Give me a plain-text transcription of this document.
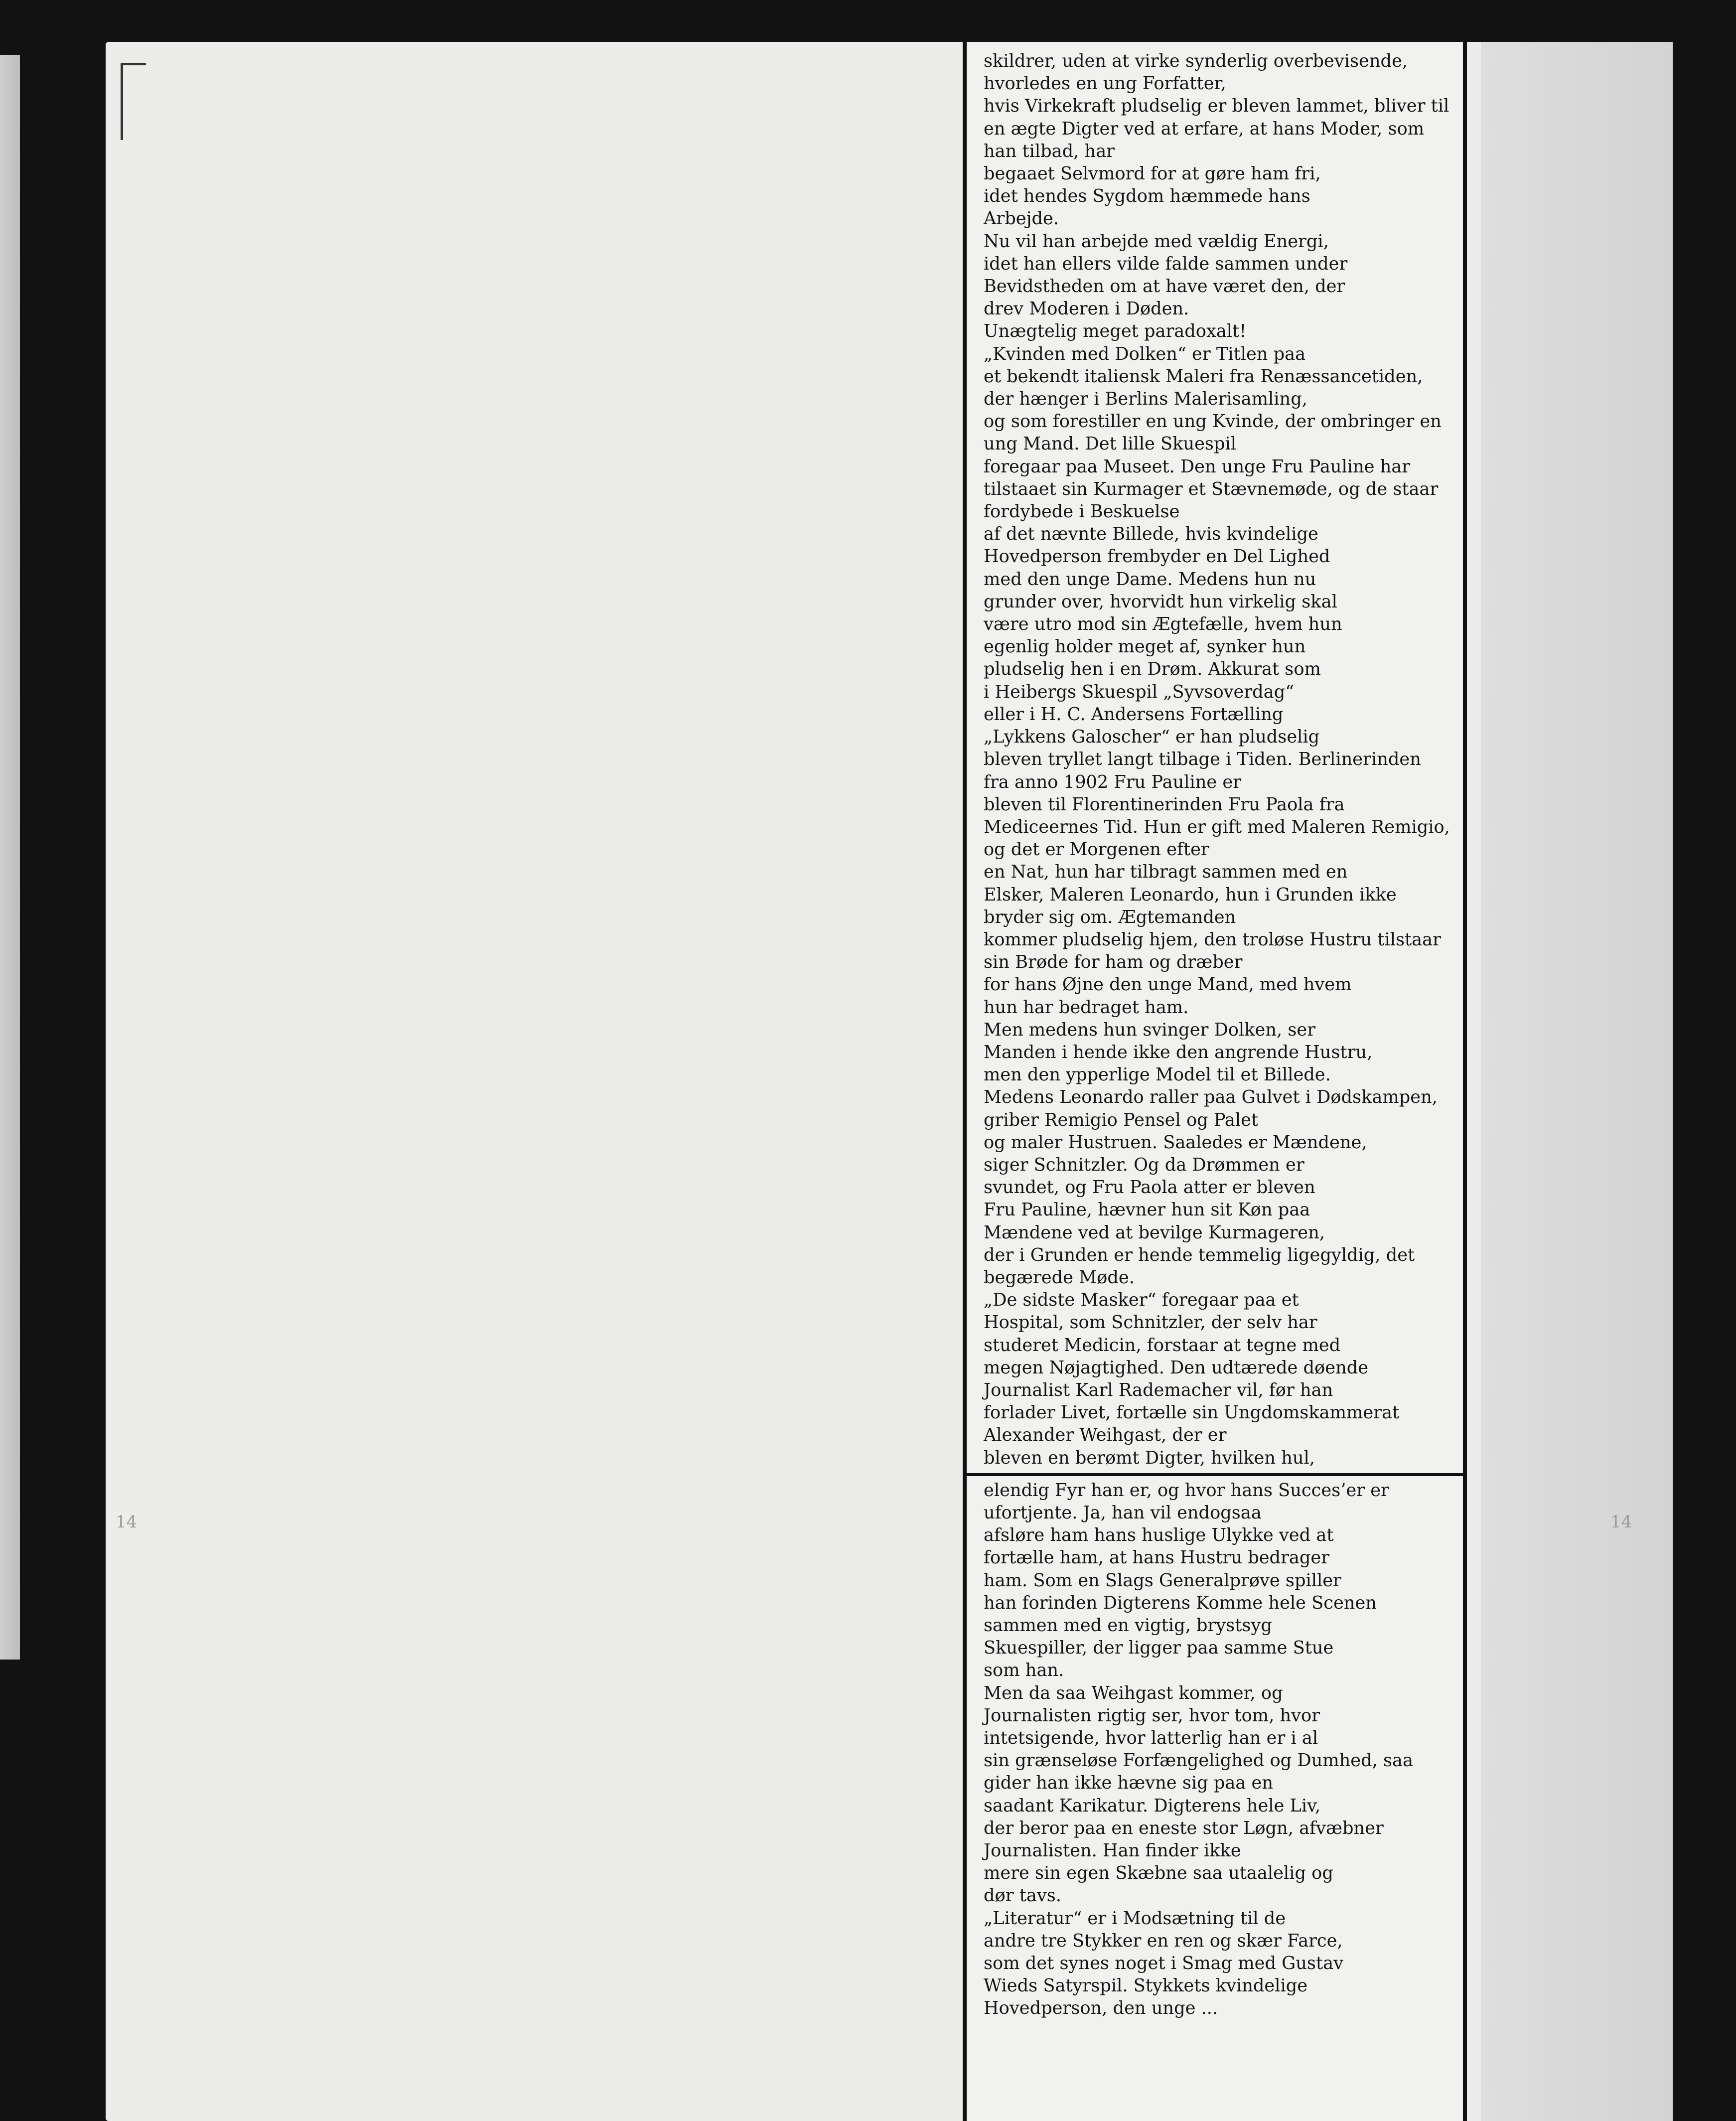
14	14

skildrer, uden at virke synderlig overbevisende, hvorledes en ung Forfatter,
hvis Virkekraft pludselig er bleven lammet, bliver til en ægte Digter ved at erfare, at hans Moder, som han tilbad, har
begaaet Selvmord for at gøre ham fri,
idet hendes Sygdom hæmmede hans
Arbejde.

Nu vil han arbejde med vældig Energi,
idet han ellers vilde falde sammen under
Bevidstheden om at have været den, der
drev Moderen i Døden.

Unægtelig meget paradoxalt!

„Kvinden med Dolken“ er Titlen paa
et bekendt italiensk Maleri fra Renæssancetiden, der hænger i Berlins Malerisamling,
og som forestiller en ung Kvinde, der ombringer en ung Mand. Det lille Skuespil
foregaar paa Museet. Den unge Fru Pauline har tilstaaet sin Kurmager et Stævnemøde, og de staar fordybede i Beskuelse
af det nævnte Billede, hvis kvindelige
Hovedperson frembyder en Del Lighed
med den unge Dame. Medens hun nu
grunder over, hvorvidt hun virkelig skal
være utro mod sin Ægtefælle, hvem hun
egenlig holder meget af, synker hun
pludselig hen i en Drøm. Akkurat som
i Heibergs Skuespil „Syvsoverdag“
eller i H. C. Andersens Fortælling
„Lykkens Galoscher“ er han pludselig
bleven tryllet langt tilbage i Tiden. Berlinerinden fra anno 1902 Fru Pauline er
bleven til Florentinerinden Fru Paola fra
Mediceernes Tid. Hun er gift med Maleren Remigio, og det er Morgenen efter
en Nat, hun har tilbragt sammen med en
Elsker, Maleren Leonardo, hun i Grunden ikke bryder sig om. Ægtemanden
kommer pludselig hjem, den troløse Hustru tilstaar sin Brøde for ham og dræber
for hans Øjne den unge Mand, med hvem
hun har bedraget ham.

Men medens hun svinger Dolken, ser
Manden i hende ikke den angrende Hustru,
men den ypperlige Model til et Billede.
Medens Leonardo raller paa Gulvet i Dødskampen, griber Remigio Pensel og Palet
og maler Hustruen. Saaledes er Mændene,
siger Schnitzler. Og da Drømmen er
svundet, og Fru Paola atter er bleven
Fru Pauline, hævner hun sit Køn paa
Mændene ved at bevilge Kurmageren,
der i Grunden er hende temmelig ligegyldig, det begærede Møde.

„De sidste Masker“ foregaar paa et
Hospital, som Schnitzler, der selv har
studeret Medicin, forstaar at tegne med
megen Nøjagtighed. Den udtærede døende
Journalist Karl Rademacher vil, før han
forlader Livet, fortælle sin Ungdomskammerat Alexander Weihgast, der er
bleven en berømt Digter, hvilken hul,

elendig Fyr han er, og hvor hans Succes’er er ufortjente. Ja, han vil endogsaa
afsløre ham hans huslige Ulykke ved at
fortælle ham, at hans Hustru bedrager
ham. Som en Slags Generalprøve spiller
han forinden Digterens Komme hele Scenen sammen med en vigtig, brystsyg
Skuespiller, der ligger paa samme Stue
som han.

Men da saa Weihgast kommer, og
Journalisten rigtig ser, hvor tom, hvor
intetsigende, hvor latterlig han er i al
sin grænseløse Forfængelighed og Dumhed, saa gider han ikke hævne sig paa en
saadant Karikatur. Digterens hele Liv,
der beror paa en eneste stor Løgn, afvæbner Journalisten. Han finder ikke
mere sin egen Skæbne saa utaalelig og
dør tavs.

„Literatur“ er i Modsætning til de
andre tre Stykker en ren og skær Farce,
som det synes noget i Smag med Gustav
Wieds Satyrspil. Stykkets kvindelige
Hovedperson, den unge ...
